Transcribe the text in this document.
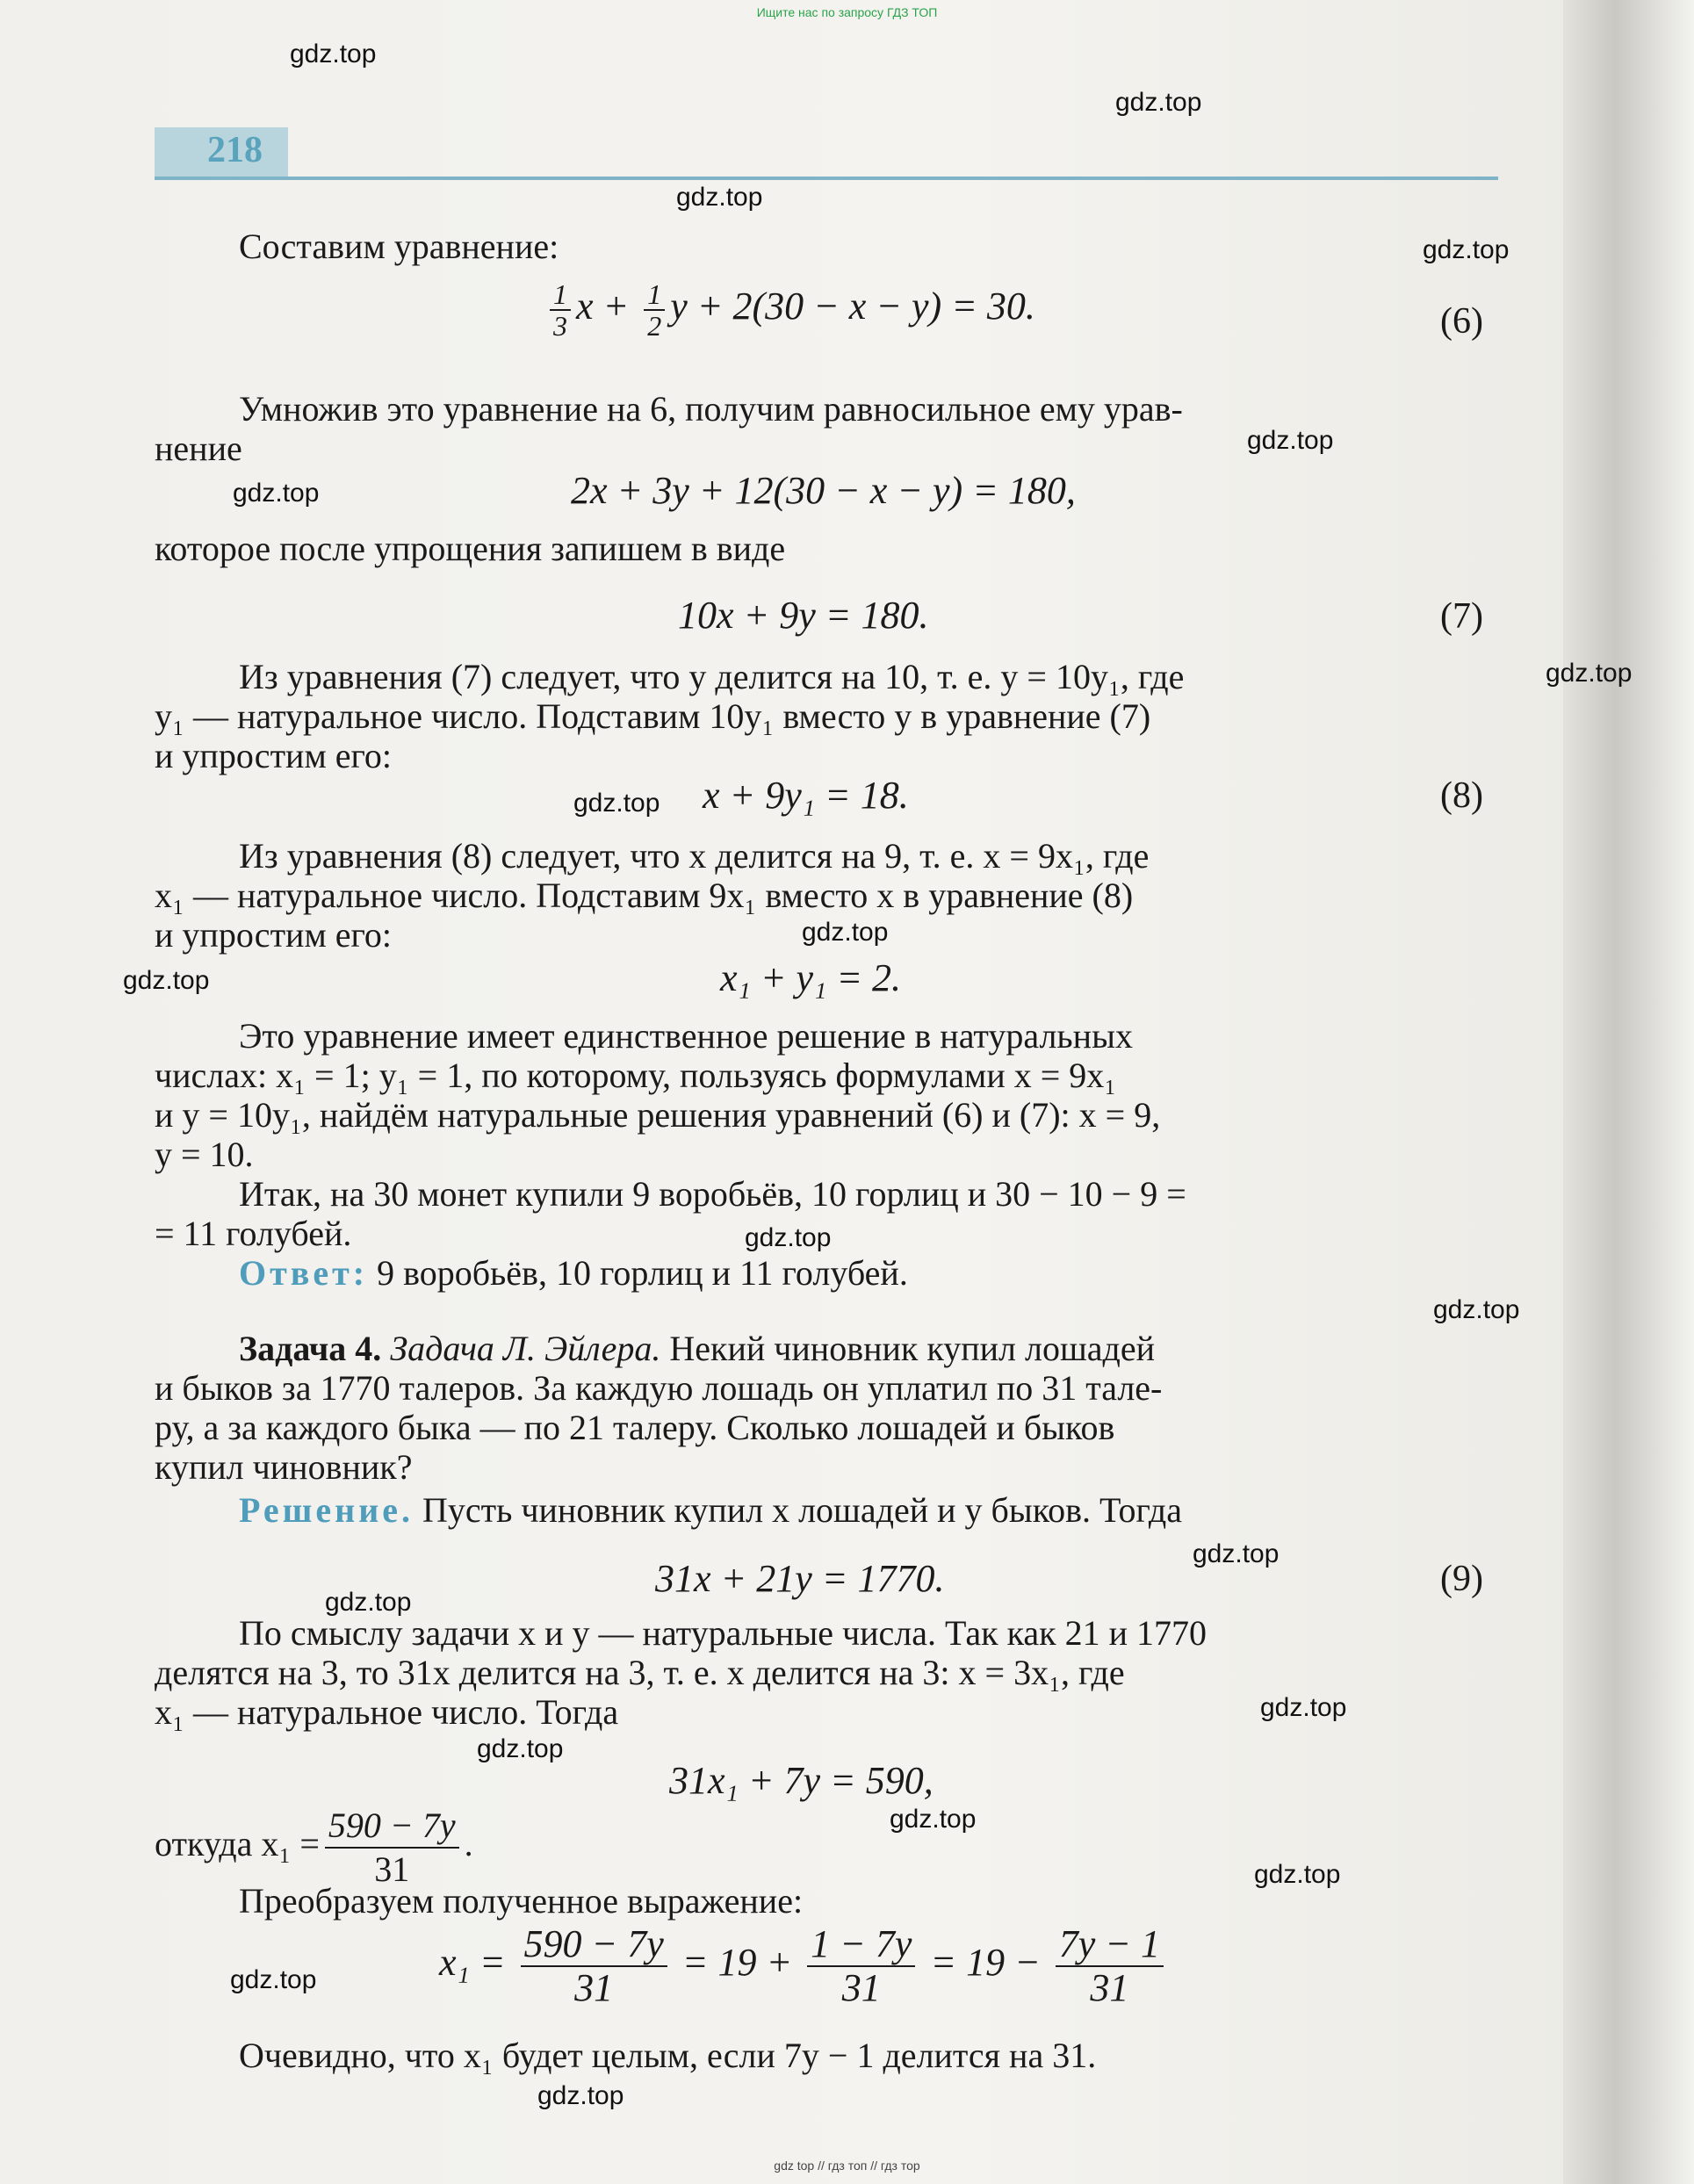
Ищите нас по запросу ГДЗ ТОП
218
gdz.top
gdz.top
gdz.top
gdz.top
gdz.top
gdz.top
gdz.top
gdz.top
gdz.top
gdz.top
gdz.top
gdz.top
gdz.top
gdz.top
gdz.top
gdz.top
gdz.top
gdz.top
gdz.top
gdz.top
Составим уравнение:
$\frac{1}{3}$ $x + \frac{1}{2}$ y + 2(30 − x − y) = 30.	(6)
Умножив это уравнение на 6, получим равносильное ему урав-
нение
2x + 3y + 12(30 − x − y) = 180,
которое после упрощения запишем в виде
10x + 9y = 180.	(7)
Из уравнения (7) следует, что y делится на 10, т. е. y = 10y₁, где
y₁ — натуральное число. Подставим 10y₁ вместо y в уравнение (7)
и упростим его:
x + 9y₁ = 18.	(8)
Из уравнения (8) следует, что x делится на 9, т. е. x = 9x₁, где
x₁ — натуральное число. Подставим 9x₁ вместо x в уравнение (8)
и упростим его:
x₁ + y₁ = 2.
Это уравнение имеет единственное решение в натуральных
числах: x₁ = 1; y₁ = 1, по которому, пользуясь формулами x = 9x₁
и y = 10y₁, найдём натуральные решения уравнений (6) и (7): x = 9,
y = 10.
Итак, на 30 монет купили 9 воробьёв, 10 горлиц и 30 − 10 − 9 =
= 11 голубей.
Ответ: 9 воробьёв, 10 горлиц и 11 голубей.
Задача 4. Задача Л. Эйлера. Некий чиновник купил лошадей
и быков за 1770 талеров. За каждую лошадь он уплатил по 31 тале-
ру, а за каждого быка — по 21 талеру. Сколько лошадей и быков
купил чиновник?
Решение. Пусть чиновник купил x лошадей и y быков. Тогда
31x + 21y = 1770.	(9)
По смыслу задачи x и y — натуральные числа. Так как 21 и 1770
делятся на 3, то 31x делится на 3, т. е. x делится на 3: x = 3x₁, где
x₁ — натуральное число. Тогда
31x₁ + 7y = 590,
откуда $x_1 = \frac{590 - 7y}{31}$ .
Преобразуем полученное выражение:
$x_1 = \frac{590 - 7y}{31} = 19 + \frac{1 - 7y}{31} = 19 - \frac{7y - 1}{31}$
Очевидно, что x₁ будет целым, если 7y − 1 делится на 31.
gdz top // гдз топ // гдз тор
